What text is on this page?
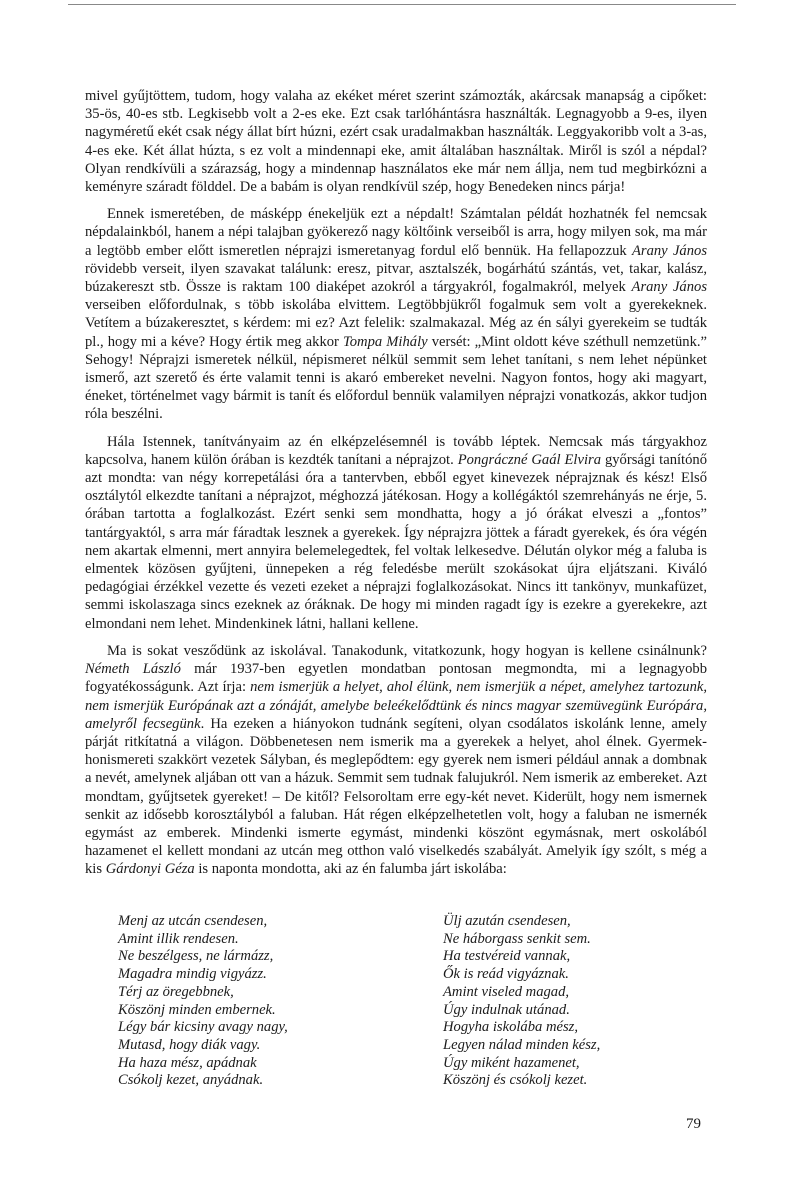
mivel gyűjtöttem, tudom, hogy valaha az ekéket méret szerint számozták, akárcsak manapság a cipőket: 35-ös, 40-es stb. Legkisebb volt a 2-es eke. Ezt csak tarlóhántásra használták. Legnagyobb a 9-es, ilyen nagyméretű ekét csak négy állat bírt húzni, ezért csak uradalmakban használták. Leggyakoribb volt a 3-as, 4-es eke. Két állat húzta, s ez volt a mindennapi eke, amit általában használtak. Miről is szól a népdal? Olyan rendkívüli a szárazság, hogy a mindennap használatos eke már nem állja, nem tud megbirkózni a keményre száradt földdel. De a babám is olyan rendkívül szép, hogy Benedeken nincs párja!

Ennek ismeretében, de másképp énekeljük ezt a népdalt! Számtalan példát hozhatnék fel nemcsak népdalainkból, hanem a népi talajban gyökerező nagy költőink verseiből is arra, hogy milyen sok, ma már a legtöbb ember előtt ismeretlen néprajzi ismeretanyag fordul elő bennük. Ha fellapozzuk Arany János rövidebb verseit, ilyen szavakat találunk: eresz, pitvar, asztalszék, bogárhátú szántás, vet, takar, kalász, búzakereszt stb. Össze is raktam 100 diaképet azokról a tárgyakról, fogalmakról, melyek Arany János verseiben előfordulnak, s több iskolába elvittem. Legtöbbjükről fogalmuk sem volt a gyerekeknek. Vetítem a búzakeresztet, s kérdem: mi ez? Azt felelik: szalmakazal. Még az én sályi gyerekeim se tudták pl., hogy mi a kéve? Hogy értik meg akkor Tompa Mihály versét: „Mint oldott kéve széthull nemzetünk.” Sehogy! Néprajzi ismeretek nélkül, népismeret nélkül semmit sem lehet tanítani, s nem lehet népünket ismerő, azt szerető és érte valamit tenni is akaró embereket nevelni. Nagyon fontos, hogy aki magyart, éneket, történelmet vagy bármit is tanít és előfordul bennük valamilyen néprajzi vonatkozás, akkor tudjon róla beszélni.

Hála Istennek, tanítványaim az én elképzelésemnél is tovább léptek. Nemcsak más tárgyakhoz kapcsolva, hanem külön órában is kezdték tanítani a néprajzot. Pongráczné Gaál Elvira győrsági tanítónő azt mondta: van négy korrepetálási óra a tantervben, ebből egyet kinevezek néprajznak és kész! Első osztálytól elkezdte tanítani a néprajzot, méghozzá játékosan. Hogy a kollégáktól szemrehányás ne érje, 5. órában tartotta a foglalkozást. Ezért senki sem mondhatta, hogy a jó órákat elveszi a „fontos” tantárgyaktól, s arra már fáradtak lesznek a gyerekek. Így néprajzra jöttek a fáradt gyerekek, és óra végén nem akartak elmenni, mert annyira belemelegedtek, fel voltak lelkesedve. Délután olykor még a faluba is elmentek közösen gyűjteni, ünnepeken a rég feledésbe merült szokásokat újra eljátszani. Kiváló pedagógiai érzékkel vezette és vezeti ezeket a néprajzi foglalkozásokat. Nincs itt tankönyv, munkafüzet, semmi iskolaszaga sincs ezeknek az óráknak. De hogy mi minden ragadt így is ezekre a gyerekekre, azt elmondani nem lehet. Mindenkinek látni, hallani kellene.

Ma is sokat vesződünk az iskolával. Tanakodunk, vitatkozunk, hogy hogyan is kellene csinálnunk? Németh László már 1937-ben egyetlen mondatban pontosan megmondta, mi a legnagyobb fogyatékosságunk. Azt írja: nem ismerjük a helyet, ahol élünk, nem ismerjük a népet, amelyhez tartozunk, nem ismerjük Európának azt a zónáját, amelybe beleékelődtünk és nincs magyar szemüvegünk Európára, amelyről fecsegünk. Ha ezeken a hiányokon tudnánk segíteni, olyan csodálatos iskolánk lenne, amely párját ritkítatná a világon. Döbbenetesen nem ismerik ma a gyerekek a helyet, ahol élnek. Gyermek-honismereti szakkört vezetek Sályban, és meglepődtem: egy gyerek nem ismeri például annak a dombnak a nevét, amelynek aljában ott van a házuk. Semmit sem tudnak falujukról. Nem ismerik az embereket. Azt mondtam, gyűjtsetek gyereket! – De kitől? Felsoroltam erre egy-két nevet. Kiderült, hogy nem ismernek senkit az idősebb korosztályból a faluban. Hát régen elképzelhetetlen volt, hogy a faluban ne ismernék egymást az emberek. Mindenki ismerte egymást, mindenki köszönt egymásnak, mert oskolából hazamenet el kellett mondani az utcán meg otthon való viselkedés szabályát. Amelyik így szólt, s még a kis Gárdonyi Géza is naponta mondotta, aki az én falumba járt iskolába:

Menj az utcán csendesen,
Amint illik rendesen.
Ne beszélgess, ne lármázz,
Magadra mindig vigyázz.
Térj az öregebbnek,
Köszönj minden embernek.
Légy bár kicsiny avagy nagy,
Mutasd, hogy diák vagy.
Ha haza mész, apádnak
Csókolj kezet, anyádnak.
Ülj azután csendesen,
Ne háborgass senkit sem.
Ha testvéreid vannak,
Ők is reád vigyáznak.
Amint viseled magad,
Úgy indulnak utánad.
Hogyha iskolába mész,
Legyen nálad minden kész,
Úgy miként hazamenet,
Köszönj és csókolj kezet.
79
